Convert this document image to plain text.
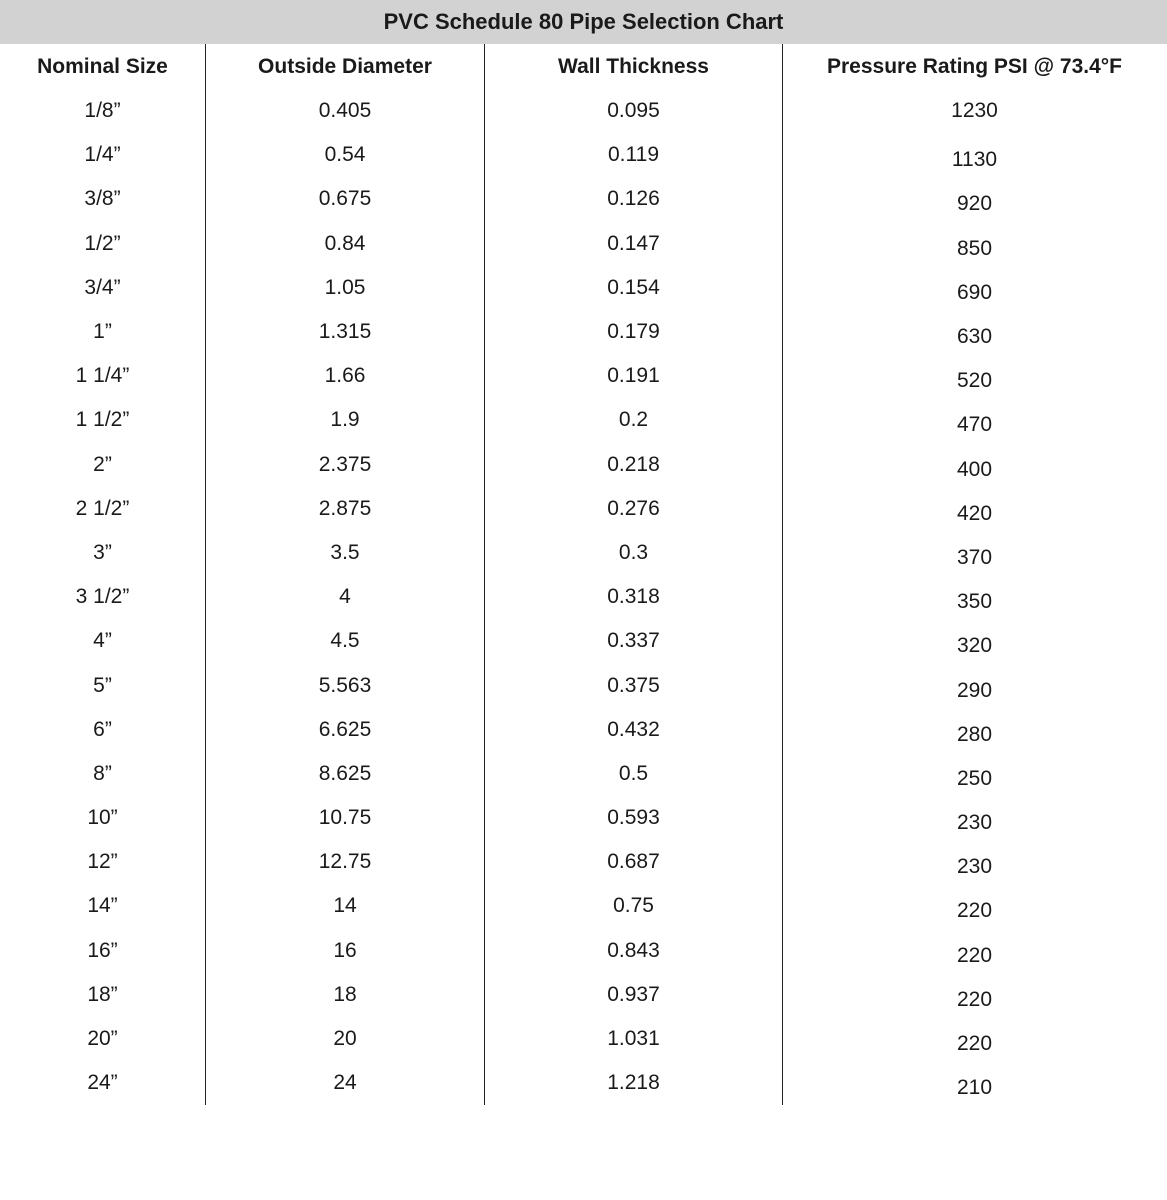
PVC Schedule 80 Pipe Selection Chart
Nominal Size	Outside Diameter	Wall Thickness	Pressure Rating PSI @ 73.4°F
1/8”	0.405	0.095	1230
1/4”	0.54	0.119	1130
3/8”	0.675	0.126	920
1/2”	0.84	0.147	850
3/4”	1.05	0.154	690
1”	1.315	0.179	630
1 1/4”	1.66	0.191	520
1 1/2”	1.9	0.2	470
2”	2.375	0.218	400
2 1/2”	2.875	0.276	420
3”	3.5	0.3	370
3 1/2”	4	0.318	350
4”	4.5	0.337	320
5”	5.563	0.375	290
6”	6.625	0.432	280
8”	8.625	0.5	250
10”	10.75	0.593	230
12”	12.75	0.687	230
14”	14	0.75	220
16”	16	0.843	220
18”	18	0.937	220
20”	20	1.031	220
24”	24	1.218	210
